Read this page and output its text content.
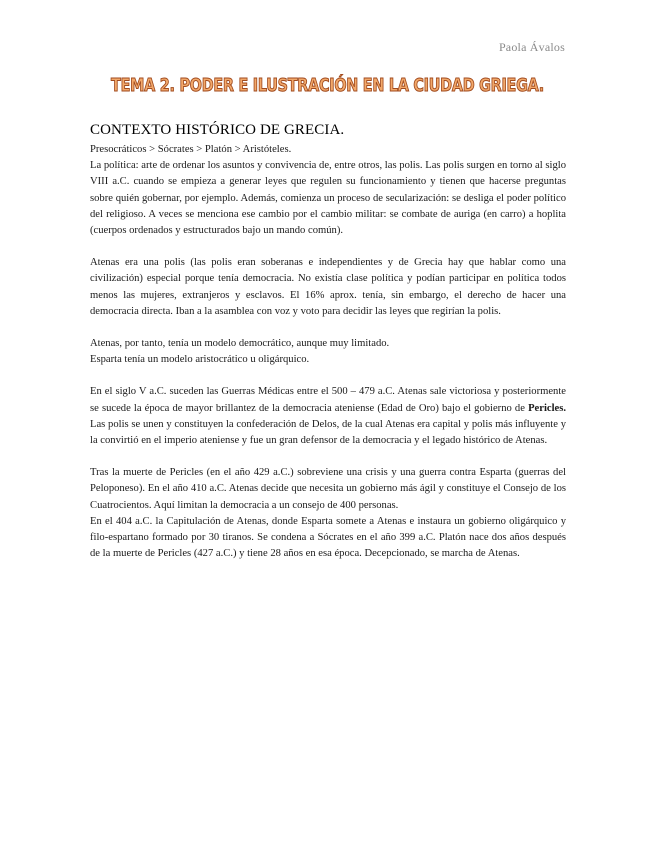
Paola Ávalos
TEMA 2. PODER E ILUSTRACIÓN EN LA CIUDAD GRIEGA.
CONTEXTO HISTÓRICO DE GRECIA.

Presocráticos > Sócrates > Platón > Aristóteles.

La política: arte de ordenar los asuntos y convivencia de, entre otros, las polis. Las polis surgen en torno al siglo VIII a.C. cuando se empieza a generar leyes que regulen su funcionamiento y tienen que hacerse preguntas sobre quién gobernar, por ejemplo. Además, comienza un proceso de secularización: se desliga el poder político del religioso. A veces se menciona ese cambio por el cambio militar: se combate de auriga (en carro) a hoplita (cuerpos ordenados y estructurados bajo un mando común).

Atenas era una polis (las polis eran soberanas e independientes y de Grecia hay que hablar como una civilización) especial porque tenía democracia. No existía clase política y podían participar en política todos menos las mujeres, extranjeros y esclavos. El 16% aprox. tenía, sin embargo, el derecho de hacer una democracia directa. Iban a la asamblea con voz y voto para decidir las leyes que regirían la polis.

Atenas, por tanto, tenía un modelo democrático, aunque muy limitado.

Esparta tenía un modelo aristocrático u oligárquico.

En el siglo V a.C. suceden las Guerras Médicas entre el 500 – 479 a.C. Atenas sale victoriosa y posteriormente se sucede la época de mayor brillantez de la democracia ateniense (Edad de Oro) bajo el gobierno de Pericles. Las polis se unen y constituyen la confederación de Delos, de la cual Atenas era capital y polis más influyente y la convirtió en el imperio ateniense y fue un gran defensor de la democracia y el legado histórico de Atenas.

Tras la muerte de Pericles (en el año 429 a.C.) sobreviene una crisis y una guerra contra Esparta (guerras del Peloponeso). En el año 410 a.C. Atenas decide que necesita un gobierno más ágil y constituye el Consejo de los Cuatrocientos. Aquí limitan la democracia a un consejo de 400 personas.

En el 404 a.C. la Capitulación de Atenas, donde Esparta somete a Atenas e instaura un gobierno oligárquico y filo-espartano formado por 30 tiranos. Se condena a Sócrates en el año 399 a.C. Platón nace dos años después de la muerte de Pericles (427 a.C.) y tiene 28 años en esa época. Decepcionado, se marcha de Atenas.
